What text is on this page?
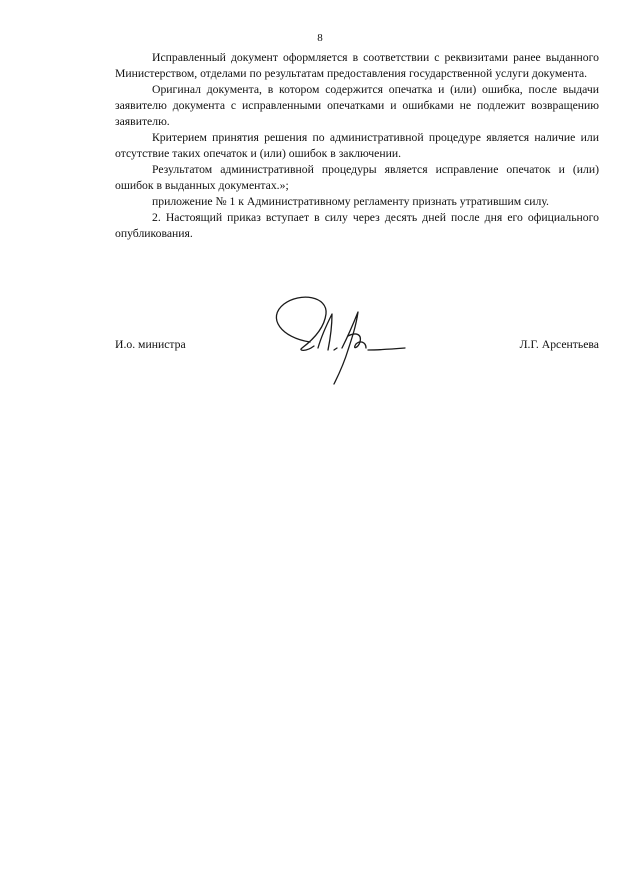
8

Исправленный документ оформляется в соответствии с реквизитами ранее выданного Министерством, отделами по результатам предоставления государственной услуги документа.

Оригинал документа, в котором содержится опечатка и (или) ошибка, после выдачи заявителю документа с исправленными опечатками и ошибками не подлежит возвращению заявителю.

Критерием принятия решения по административной процедуре является наличие или отсутствие таких опечаток и (или) ошибок в заключении.

Результатом административной процедуры является исправление опечаток и (или) ошибок в выданных документах.»;

приложение № 1 к Административному регламенту признать утратившим силу.

2. Настоящий приказ вступает в силу через десять дней после дня его официального опубликования.

И.о. министра	Л.Г. Арсентьева
